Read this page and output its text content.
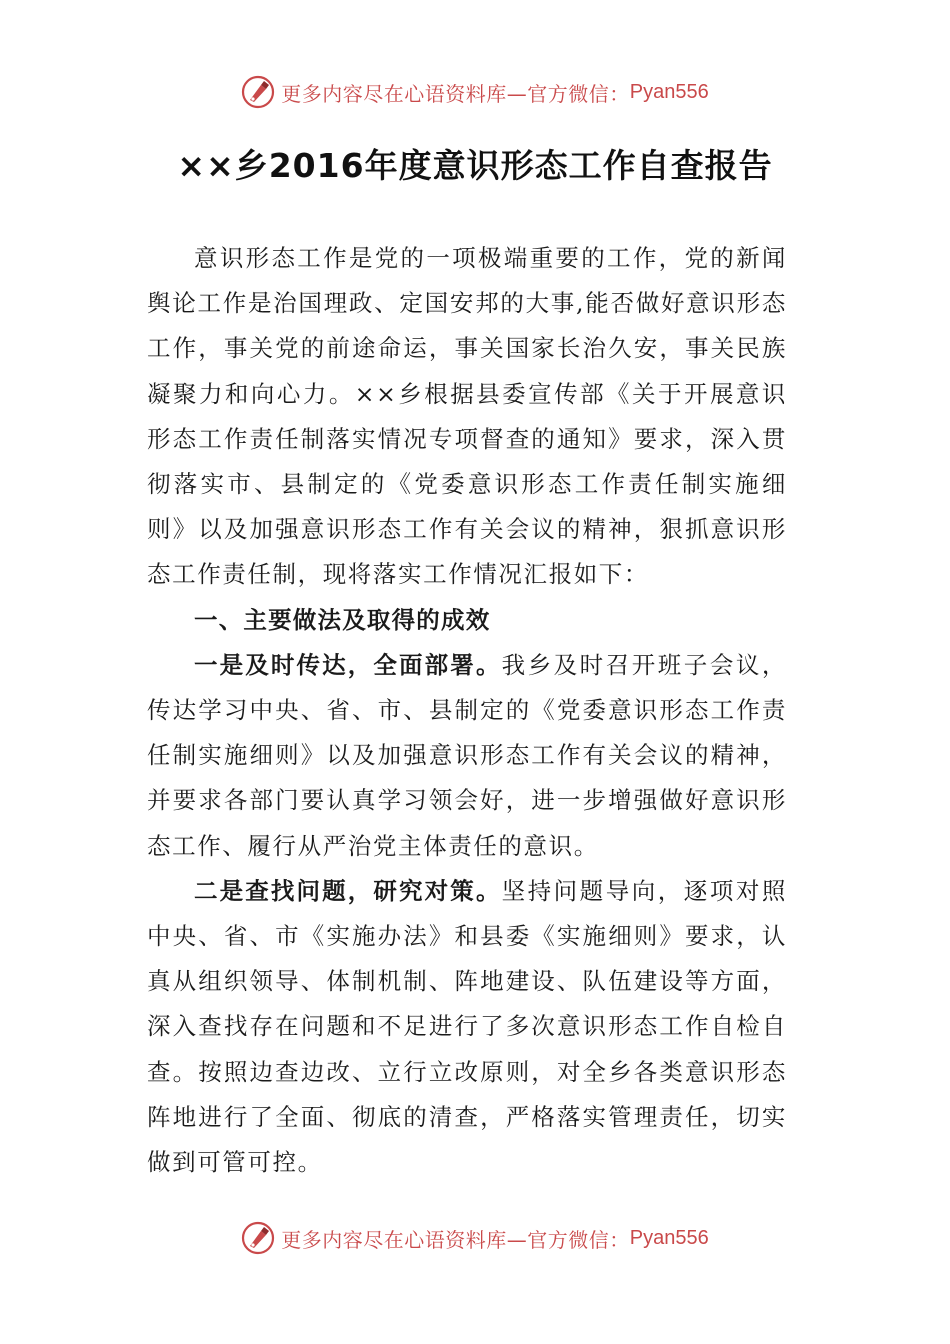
更多内容尽在心语资料库—官方微信： Pyan556
××乡2016年度意识形态工作自查报告

意识形态工作是党的一项极端重要的工作，党的新闻舆论工作是治国理政、定国安邦的大事,能否做好意识形态工作，事关党的前途命运，事关国家长治久安，事关民族凝聚力和向心力。××乡根据县委宣传部《关于开展意识形态工作责任制落实情况专项督查的通知》要求，深入贯彻落实市、县制定的《党委意识形态工作责任制实施细则》以及加强意识形态工作有关会议的精神，狠抓意识形态工作责任制，现将落实工作情况汇报如下：

一、主要做法及取得的成效

一是及时传达，全面部署。我乡及时召开班子会议，传达学习中央、省、市、县制定的《党委意识形态工作责任制实施细则》以及加强意识形态工作有关会议的精神，并要求各部门要认真学习领会好，进一步增强做好意识形态工作、履行从严治党主体责任的意识。

二是查找问题，研究对策。坚持问题导向，逐项对照中央、省、市《实施办法》和县委《实施细则》要求，认真从组织领导、体制机制、阵地建设、队伍建设等方面，深入查找存在问题和不足进行了多次意识形态工作自检自查。按照边查边改、立行立改原则，对全乡各类意识形态阵地进行了全面、彻底的清查，严格落实管理责任，切实做到可管可控。

更多内容尽在心语资料库—官方微信： Pyan556
